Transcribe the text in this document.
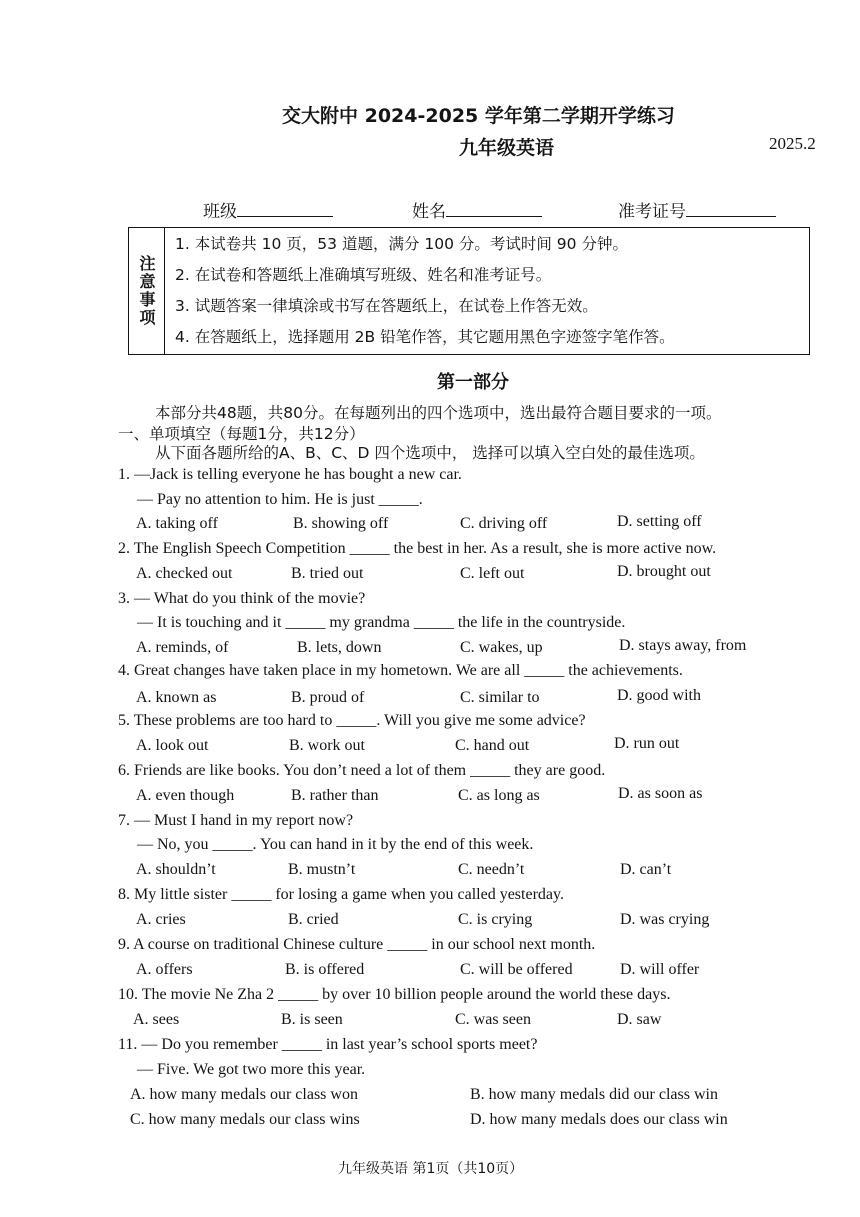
交大附中 2024-2025 学年第二学期开学练习
九年级英语	2025.2
班级	姓名	准考证号
注意事项
1. 本试卷共 10 页，53 道题，满分 100 分。考试时间 90 分钟。
2. 在试卷和答题纸上准确填写班级、姓名和准考证号。
3. 试题答案一律填涂或书写在答题纸上，在试卷上作答无效。
4. 在答题纸上，选择题用 2B 铅笔作答，其它题用黑色字迹签字笔作答。
第一部分
本部分共48题，共80分。在每题列出的四个选项中，选出最符合题目要求的一项。
一、单项填空（每题1分，共12分）
从下面各题所给的A、B、C、D 四个选项中， 选择可以填入空白处的最佳选项。
1. —Jack is telling everyone he has bought a new car.
— Pay no attention to him. He is just _____.
A. taking off	B. showing off	C. driving off	D. setting off
2. The English Speech Competition _____ the best in her. As a result, she is more active now.
A. checked out	B. tried out	C. left out	D. brought out
3. — What do you think of the movie?
— It is touching and it _____ my grandma _____ the life in the countryside.
A. reminds, of	B. lets, down	C. wakes, up	D. stays away, from
4. Great changes have taken place in my hometown. We are all _____ the achievements.
A. known as	B. proud of	C. similar to	D. good with
5. These problems are too hard to _____. Will you give me some advice?
A. look out	B. work out	C. hand out	D. run out
6. Friends are like books. You don’t need a lot of them _____ they are good.
A. even though	B. rather than	C. as long as	D. as soon as
7. — Must I hand in my report now?
— No, you _____. You can hand in it by the end of this week.
A. shouldn’t	B. mustn’t	C. needn’t	D. can’t
8. My little sister _____ for losing a game when you called yesterday.
A. cries	B. cried	C. is crying	D. was crying
9. A course on traditional Chinese culture _____ in our school next month.
A. offers	B. is offered	C. will be offered	D. will offer
10. The movie Ne Zha 2 _____ by over 10 billion people around the world these days.
A. sees	B. is seen	C. was seen	D. saw
11. — Do you remember _____ in last year’s school sports meet?
— Five. We got two more this year.
A. how many medals our class won	B. how many medals did our class win
C. how many medals our class wins	D. how many medals does our class win
九年级英语 第1页（共10页）
